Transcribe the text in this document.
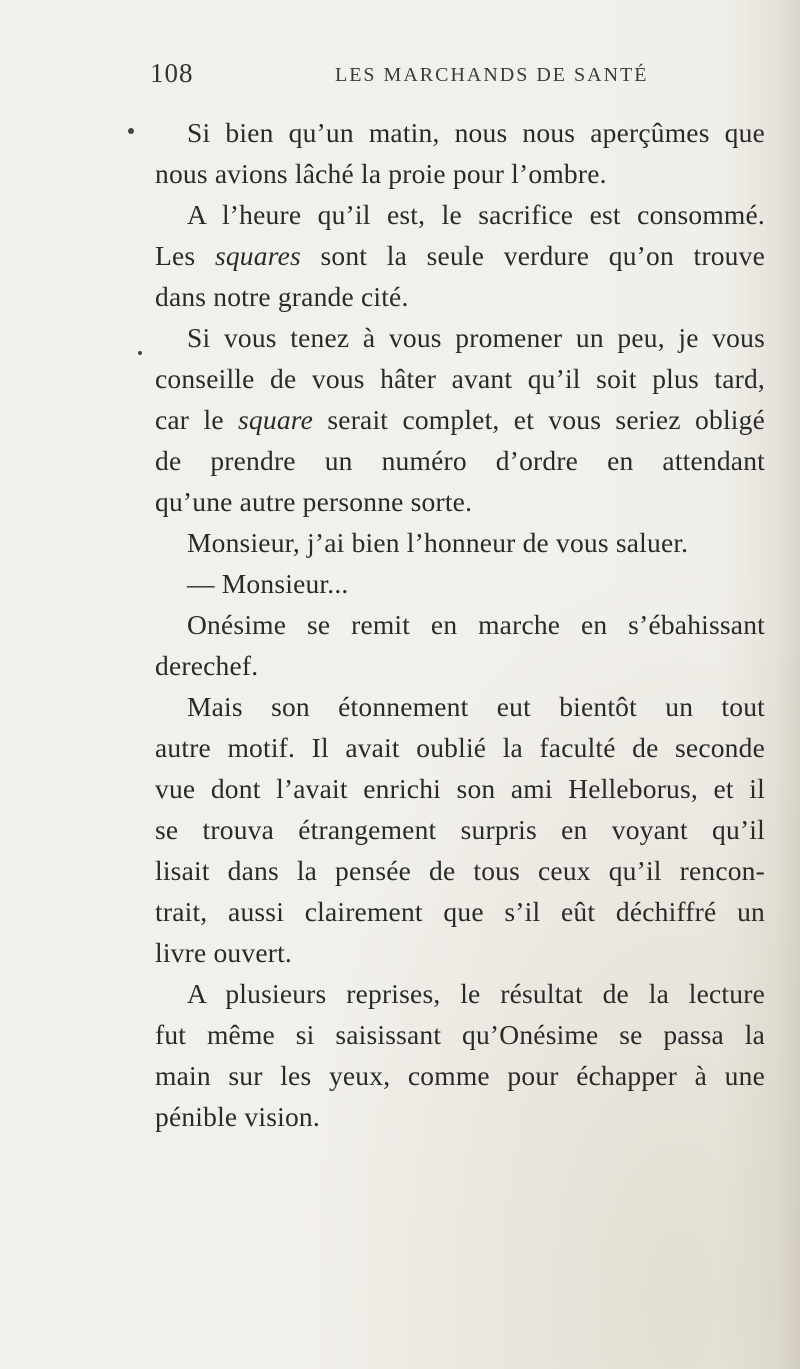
108	LES MARCHANDS DE SANTÉ
Si bien qu’un matin, nous nous aperçûmes que
nous avions lâché la proie pour l’ombre.
A l’heure qu’il est, le sacrifice est consommé.
Les squares sont la seule verdure qu’on trouve
dans notre grande cité.
Si vous tenez à vous promener un peu, je vous
conseille de vous hâter avant qu’il soit plus tard,
car le square serait complet, et vous seriez obligé
de prendre un numéro d’ordre en attendant
qu’une autre personne sorte.
Monsieur, j’ai bien l’honneur de vous saluer.
— Monsieur...
Onésime se remit en marche en s’ébahissant
derechef.
Mais son étonnement eut bientôt un tout
autre motif. Il avait oublié la faculté de seconde
vue dont l’avait enrichi son ami Helleborus, et il
se trouva étrangement surpris en voyant qu’il
lisait dans la pensée de tous ceux qu’il rencon-
trait, aussi clairement que s’il eût déchiffré un
livre ouvert.
A plusieurs reprises, le résultat de la lecture
fut même si saisissant qu’Onésime se passa la
main sur les yeux, comme pour échapper à une
pénible vision.
